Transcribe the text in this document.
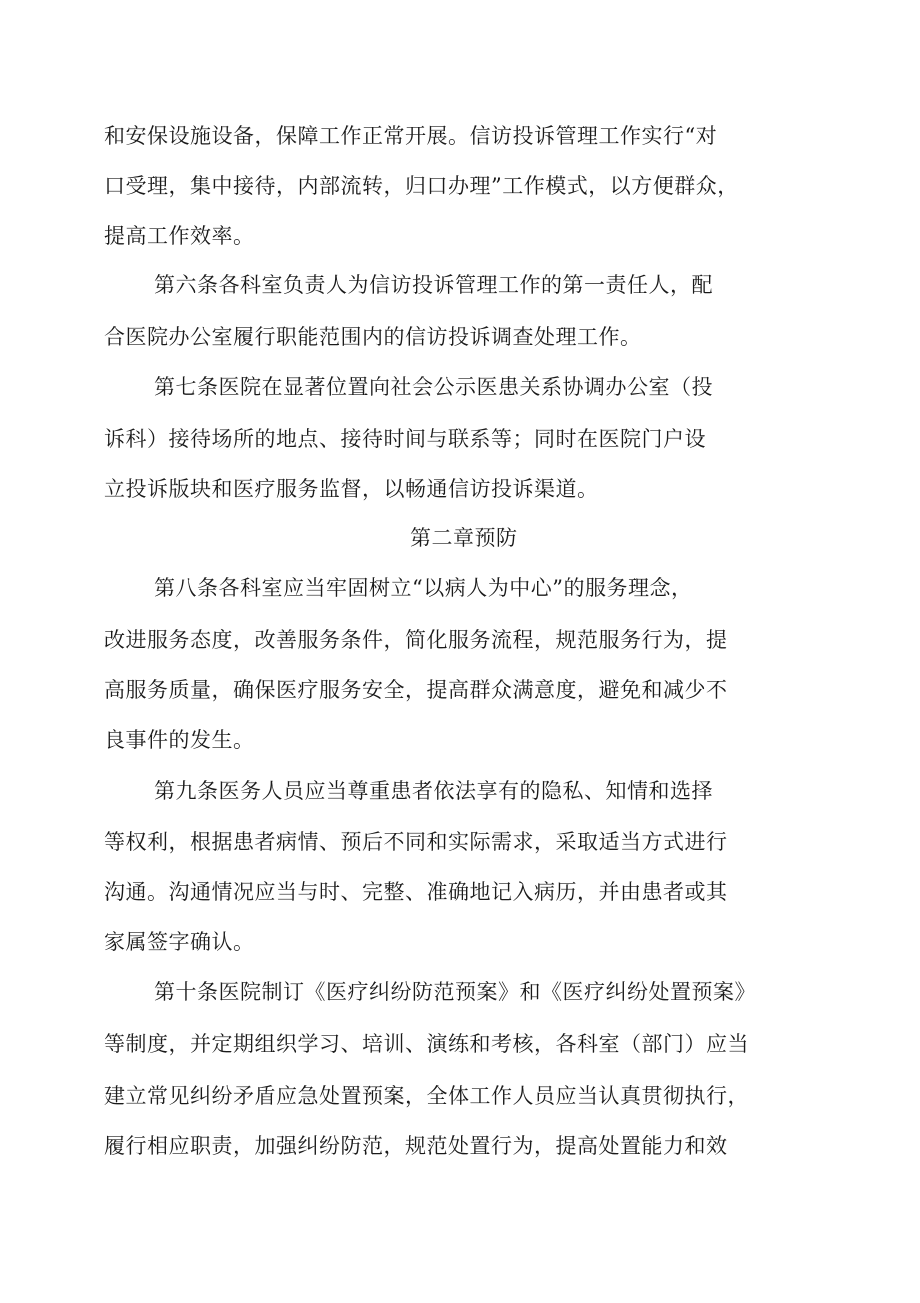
和安保设施设备，保障工作正常开展。信访投诉管理工作实行“对
口受理，集中接待，内部流转，归口办理”工作模式，以方便群众，
提高工作效率。
第六条各科室负责人为信访投诉管理工作的第一责任人，配
合医院办公室履行职能范围内的信访投诉调查处理工作。
第七条医院在显著位置向社会公示医患关系协调办公室（投
诉科）接待场所的地点、接待时间与联系等；同时在医院门户设
立投诉版块和医疗服务监督，以畅通信访投诉渠道。
第二章预防
第八条各科室应当牢固树立“以病人为中心”的服务理念，
改进服务态度，改善服务条件，简化服务流程，规范服务行为，提
高服务质量，确保医疗服务安全，提高群众满意度，避免和减少不
良事件的发生。
第九条医务人员应当尊重患者依法享有的隐私、知情和选择
等权利，根据患者病情、预后不同和实际需求，采取适当方式进行
沟通。沟通情况应当与时、完整、准确地记入病历，并由患者或其
家属签字确认。
第十条医院制订《医疗纠纷防范预案》和《医疗纠纷处置预案》
等制度，并定期组织学习、培训、演练和考核，各科室（部门）应当
建立常见纠纷矛盾应急处置预案，全体工作人员应当认真贯彻执行，
履行相应职责，加强纠纷防范，规范处置行为，提高处置能力和效
